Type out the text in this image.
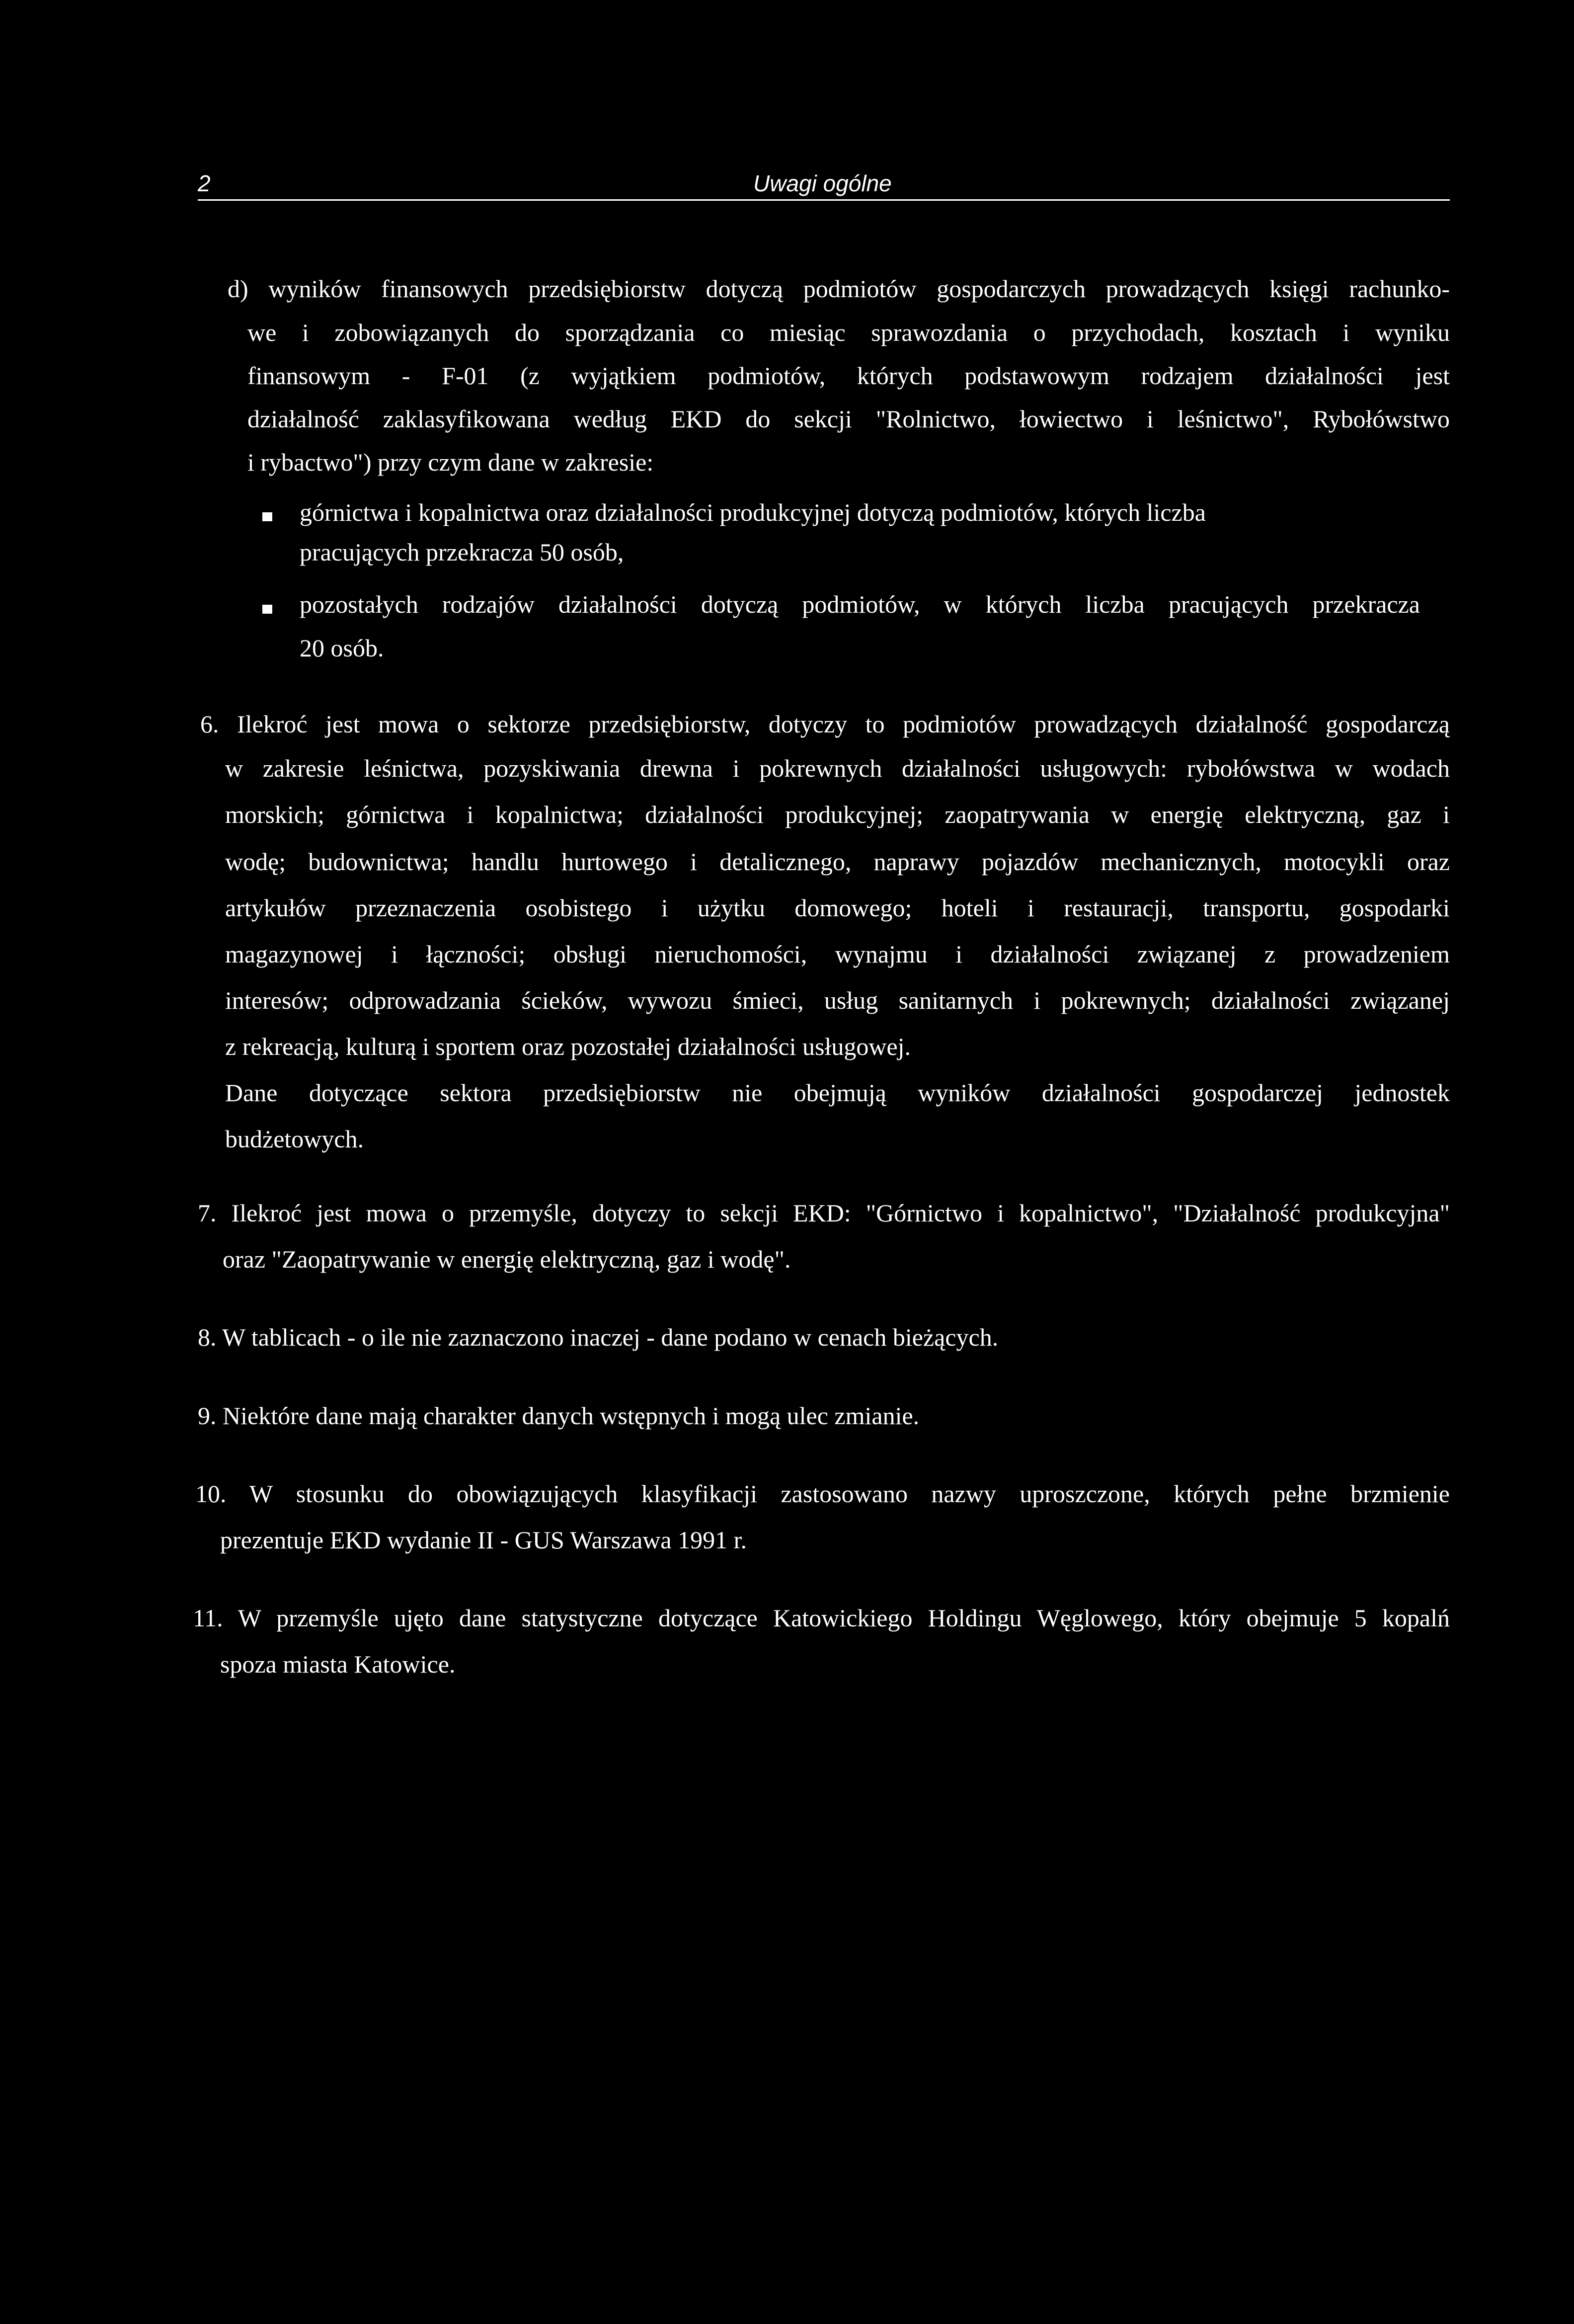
2	Uwagi ogólne
d) wyników finansowych przedsiębiorstw dotyczą podmiotów gospodarczych prowadzących księgi rachunko-
we i zobowiązanych do sporządzania co miesiąc sprawozdania o przychodach, kosztach i wyniku
finansowym - F-01 (z wyjątkiem podmiotów, których podstawowym rodzajem działalności jest
działalność zaklasyfikowana według EKD do sekcji "Rolnictwo, łowiectwo i leśnictwo", Rybołówstwo
i rybactwo") przy czym dane w zakresie:
górnictwa i kopalnictwa oraz działalności produkcyjnej dotyczą podmiotów, których liczba
pracujących przekracza 50 osób,
pozostałych rodzajów działalności dotyczą podmiotów, w których liczba pracujących przekracza
20 osób.
6. Ilekroć jest mowa o sektorze przedsiębiorstw, dotyczy to podmiotów prowadzących działalność gospodarczą
w zakresie leśnictwa, pozyskiwania drewna i pokrewnych działalności usługowych: rybołówstwa w wodach
morskich; górnictwa i kopalnictwa; działalności produkcyjnej; zaopatrywania w energię elektryczną, gaz i
wodę; budownictwa; handlu hurtowego i detalicznego, naprawy pojazdów mechanicznych, motocykli oraz
artykułów przeznaczenia osobistego i użytku domowego; hoteli i restauracji, transportu, gospodarki
magazynowej i łączności; obsługi nieruchomości, wynajmu i działalności związanej z prowadzeniem
interesów; odprowadzania ścieków, wywozu śmieci, usług sanitarnych i pokrewnych; działalności związanej
z rekreacją, kulturą i sportem oraz pozostałej działalności usługowej.
Dane dotyczące sektora przedsiębiorstw nie obejmują wyników działalności gospodarczej jednostek
budżetowych.
7. Ilekroć jest mowa o przemyśle, dotyczy to sekcji EKD: "Górnictwo i kopalnictwo", "Działalność produkcyjna"
oraz "Zaopatrywanie w energię elektryczną, gaz i wodę".
8. W tablicach - o ile nie zaznaczono inaczej - dane podano w cenach bieżących.
9. Niektóre dane mają charakter danych wstępnych i mogą ulec zmianie.
10. W stosunku do obowiązujących klasyfikacji zastosowano nazwy uproszczone, których pełne brzmienie
prezentuje EKD wydanie II - GUS Warszawa 1991 r.
11. W przemyśle ujęto dane statystyczne dotyczące Katowickiego Holdingu Węglowego, który obejmuje 5 kopalń
spoza miasta Katowice.
